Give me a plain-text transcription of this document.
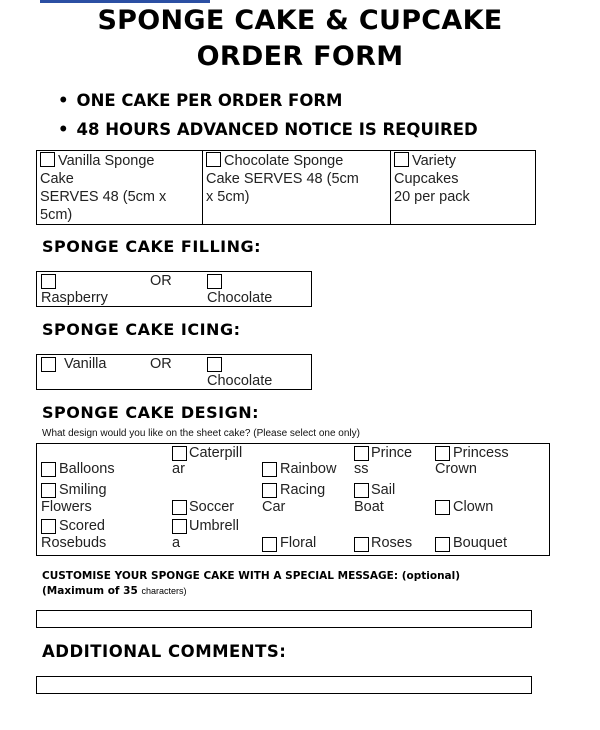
SPONGE CAKE & CUPCAKE
ORDER FORM
• ONE CAKE PER ORDER FORM
• 48 HOURS ADVANCED NOTICE IS REQUIRED
Vanilla Sponge
Cake
SERVES 48 (5cm x
5cm)
Chocolate Sponge
Cake SERVES 48 (5cm
x 5cm)
Variety
Cupcakes
20 per pack
SPONGE CAKE FILLING:
OR
Raspberry	Chocolate
SPONGE CAKE ICING:
Vanilla	OR
Chocolate
SPONGE CAKE DESIGN:
What design would you like on the sheet cake? (Please select one only)
Balloons
Smiling
Flowers
Scored
Rosebuds
Caterpill
ar
Soccer
Umbrell
a
Rainbow
Racing
Car
Floral
Prince
ss
Sail
Boat
Roses
Princess
Crown
Clown
Bouquet
CUSTOMISE YOUR SPONGE CAKE WITH A SPECIAL MESSAGE: (optional)
(Maximum of 35 characters)
ADDITIONAL COMMENTS:
